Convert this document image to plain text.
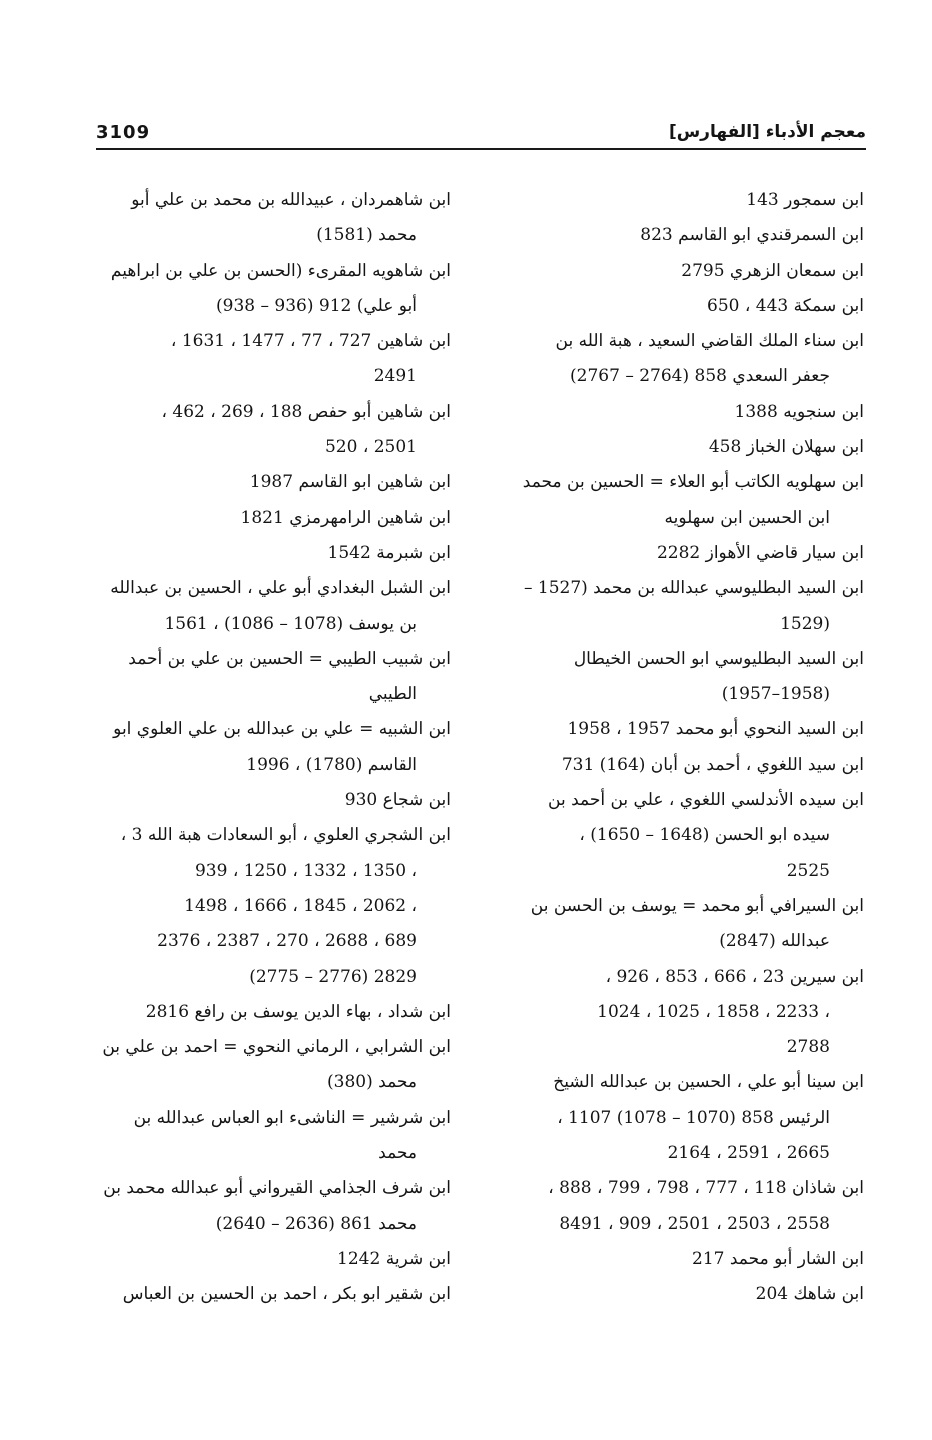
معجم الأدباء [الفهارس]
3109
ابن سمجور 143
ابن السمرقندي ابو القاسم 823
ابن سمعان الزهري 2795
ابن سمكة 443 ، 650
ابن سناء الملك القاضي السعيد ، هبة الله بن
جعفر السعدي 858 (2764 – 2767)
ابن سنجويه 1388
ابن سهلان الخباز 458
ابن سهلويه الكاتب أبو العلاء = الحسين بن محمد
ابن الحسين ابن سهلويه
ابن سيار قاضي الأهواز 2282
ابن السيد البطليوسي عبدالله بن محمد (1527 –
1529)
ابن السيد البطليوسي ابو الحسن الخيطال
(1957–1958)
ابن السيد النحوي أبو محمد 1957 ، 1958
ابن سيد اللغوي ، أحمد بن أبان (164) 731
ابن سيده الأندلسي اللغوي ، علي بن أحمد بن
سيده ابو الحسن (1648 – 1650) ،
2525
ابن السيرافي أبو محمد = يوسف بن الحسن بن
عبدالله (2847)
ابن سيرين 23 ، 666 ، 853 ، 926 ،
1024 ، 1025 ، 1858 ، 2233 ،
2788
ابن سينا أبو علي ، الحسين بن عبدالله الشيخ
الرئيس 858 (1070 – 1078) 1107 ،
2164 ، 2591 ، 2665
ابن شاذان 118 ، 777 ، 798 ، 799 ، 888 ،
8491 ، 909 ، 2501 ، 2503 ، 2558
ابن الشار أبو محمد 217
ابن شاهك 204
ابن شاهمردان ، عبيدالله بن محمد بن علي أبو
محمد (1581)
ابن شاهويه المقرىء (الحسن بن علي بن ابراهيم
أبو علي) 912 (936 – 938)
ابن شاهين 727 ، 77 ، 1477 ، 1631 ،
2491
ابن شاهين أبو حفص 188 ، 269 ، 462 ،
520 ، 2501
ابن شاهين ابو القاسم 1987
ابن شاهين الرامهرمزي 1821
ابن شبرمة 1542
ابن الشبل البغدادي أبو علي ، الحسين بن عبدالله
بن يوسف (1078 – 1086) ، 1561
ابن شبيب الطيبي = الحسين بن علي بن أحمد
الطيبي
ابن الشبيه = علي بن عبدالله بن علي العلوي ابو
القاسم (1780) ، 1996
ابن شجاع 930
ابن الشجري العلوي ، أبو السعادات هبة الله 3 ،
939 ، 1250 ، 1332 ، 1350 ،
1498 ، 1666 ، 1845 ، 2062 ،
2376 ، 2387 ، 270 ، 2688 ، 689
(2775 – 2776) 2829
ابن شداد ، بهاء الدين يوسف بن رافع 2816
ابن الشرابي ، الرماني النحوي = احمد بن علي بن
محمد (380)
ابن شرشير = الناشىء ابو العباس عبدالله بن
محمد
ابن شرف الجذامي القيرواني أبو عبدالله محمد بن
محمد 861 (2636 – 2640)
ابن شرية 1242
ابن شقير ابو بكر ، احمد بن الحسين بن العباس
